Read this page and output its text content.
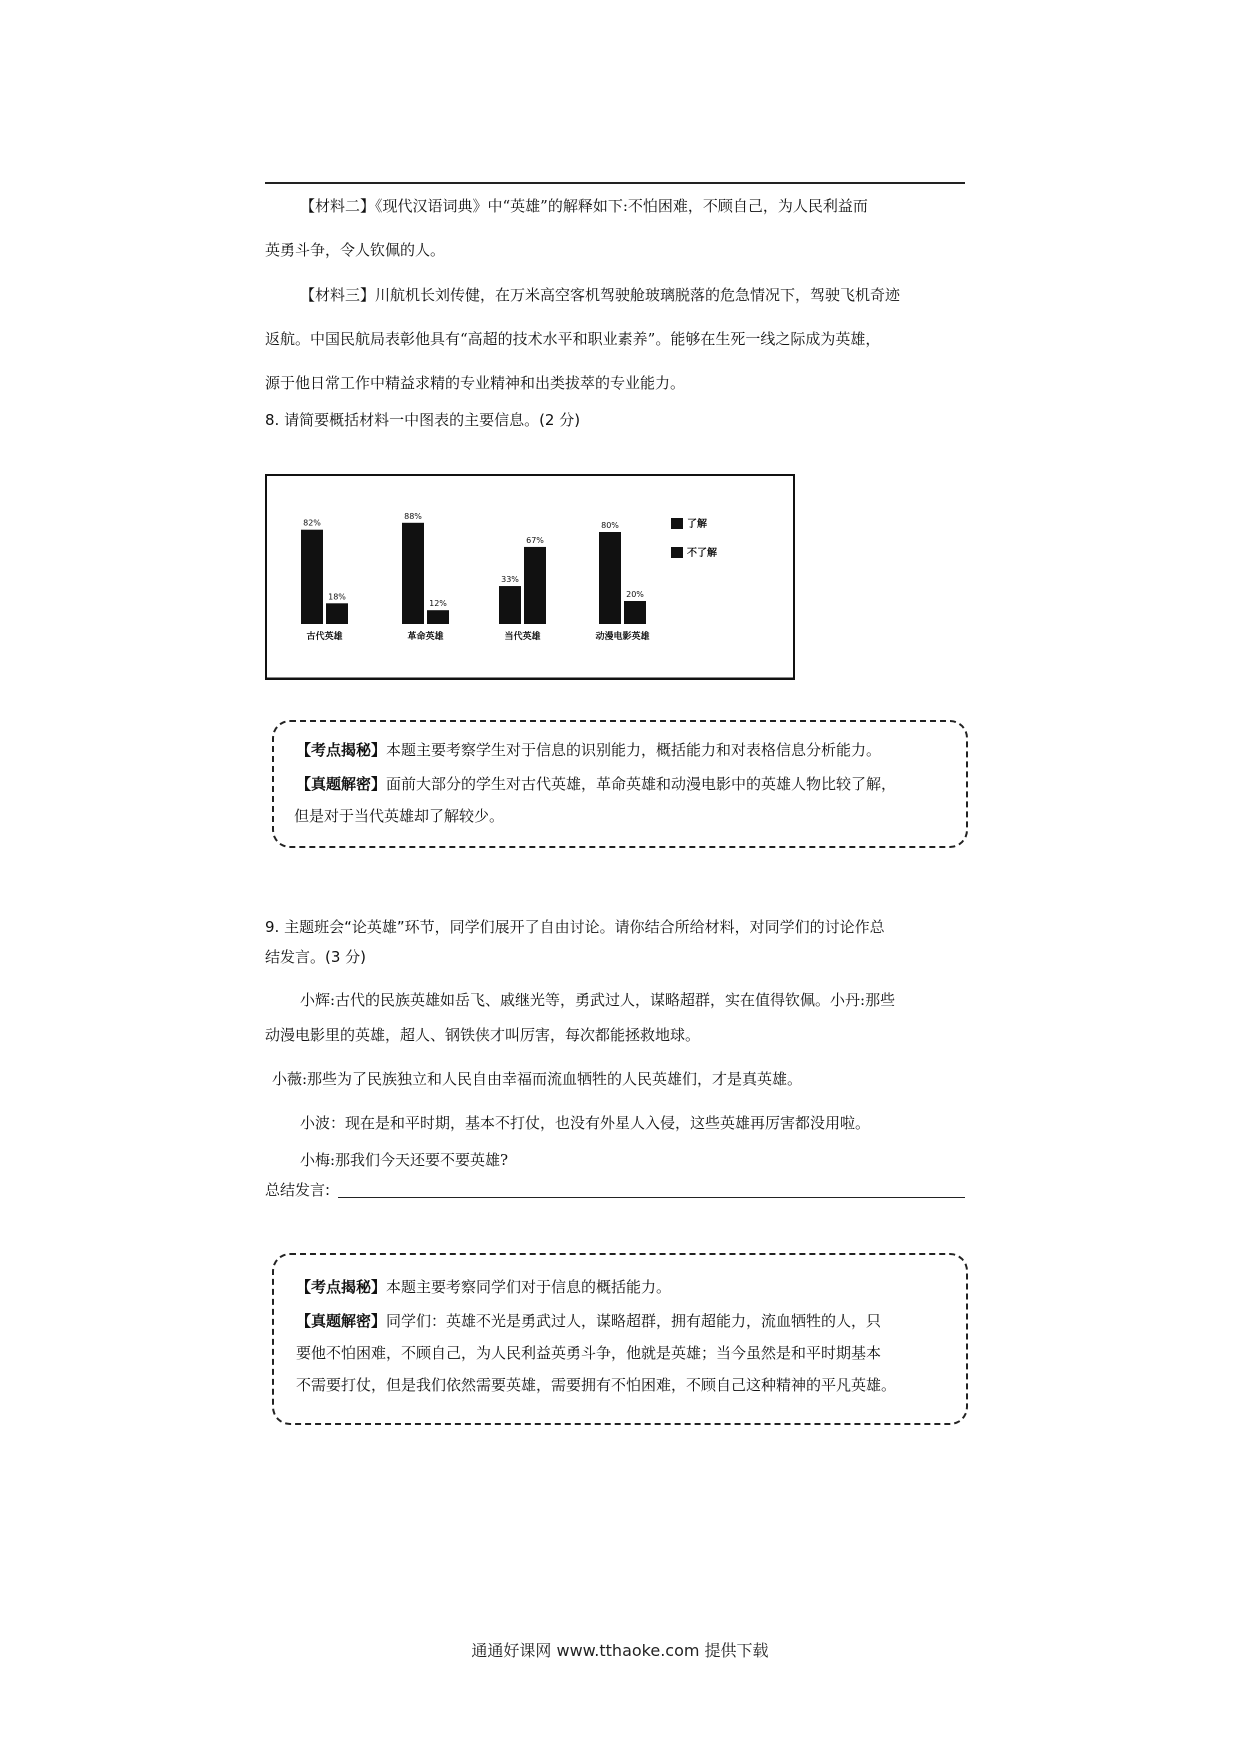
【材料二】《现代汉语词典》中“英雄”的解释如下:不怕困难，不顾自己，为人民利益而
英勇斗争，令人钦佩的人。
【材料三】川航机长刘传健，在万米高空客机驾驶舱玻璃脱落的危急情况下，驾驶飞机奇迹
返航。中国民航局表彰他具有“高超的技术水平和职业素养”。能够在生死一线之际成为英雄，
源于他日常工作中精益求精的专业精神和出类拔萃的专业能力。
8. 请简要概括材料一中图表的主要信息。(2 分)
82%
18%
古代英雄
88%
12%
革命英雄
33%
67%
当代英雄
80%
20%
动漫电影英雄
了解
不了解
【考点揭秘】本题主要考察学生对于信息的识别能力，概括能力和对表格信息分析能力。
【真题解密】面前大部分的学生对古代英雄，革命英雄和动漫电影中的英雄人物比较了解，
但是对于当代英雄却了解较少。
9. 主题班会“论英雄”环节，同学们展开了自由讨论。请你结合所给材料，对同学们的讨论作总
结发言。(3 分)
小辉:古代的民族英雄如岳飞、戚继光等，勇武过人，谋略超群，实在值得钦佩。小丹:那些
动漫电影里的英雄，超人、钢铁侠才叫厉害，每次都能拯救地球。
小薇:那些为了民族独立和人民自由幸福而流血牺牲的人民英雄们，才是真英雄。
小波：现在是和平时期，基本不打仗，也没有外星人入侵，这些英雄再厉害都没用啦。
小梅:那我们今天还要不要英雄?
总结发言:
【考点揭秘】本题主要考察同学们对于信息的概括能力。
【真题解密】同学们：英雄不光是勇武过人，谋略超群，拥有超能力，流血牺牲的人，只
要他不怕困难，不顾自己，为人民利益英勇斗争，他就是英雄；当今虽然是和平时期基本
不需要打仗，但是我们依然需要英雄，需要拥有不怕困难，不顾自己这种精神的平凡英雄。
通通好课网 www.tthaoke.com 提供下载
